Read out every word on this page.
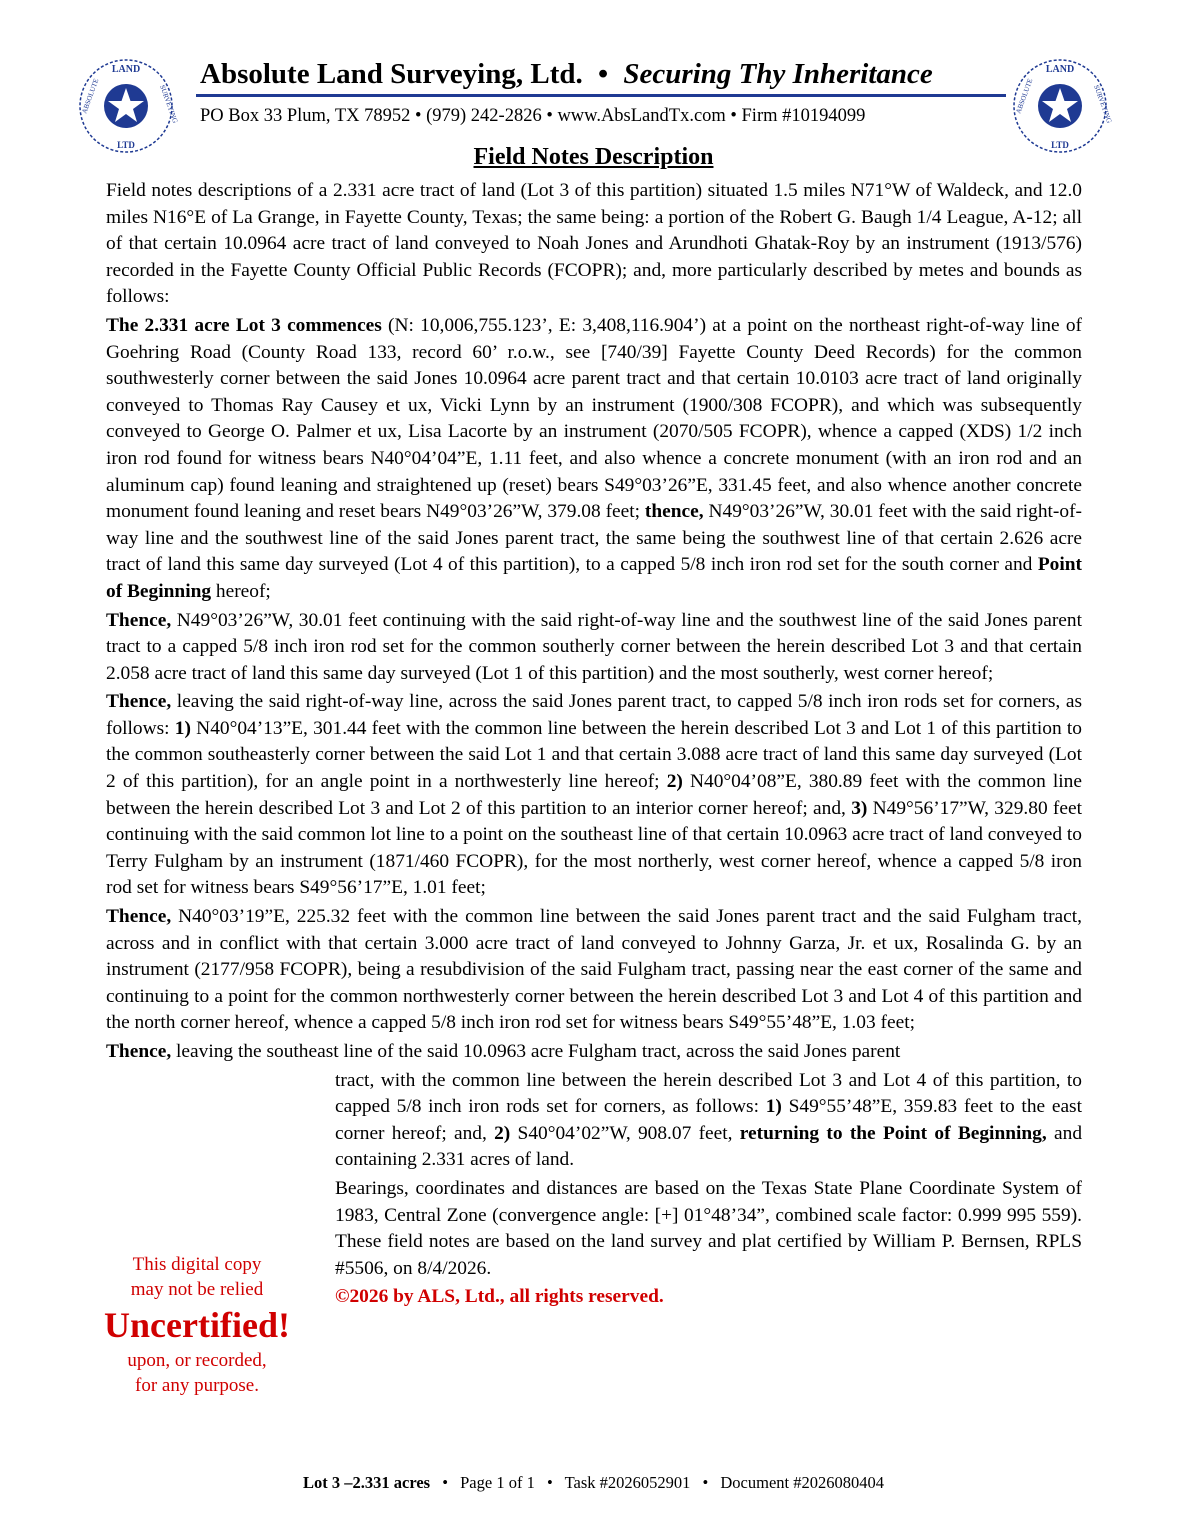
LAND
LTD
ABSOLUTE	SURVEYING
LAND
LTD
ABSOLUTE	SURVEYING
Absolute Land Surveying, Ltd. • Securing Thy Inheritance
PO Box 33 Plum, TX 78952 • (979) 242-2826 • www.AbsLandTx.com • Firm #10194099
Field Notes Description

Field notes descriptions of a 2.331 acre tract of land (Lot 3 of this partition) situated 1.5 miles N71°W of Waldeck, and 12.0 miles N16°E of La Grange, in Fayette County, Texas; the same being: a portion of the Robert G. Baugh 1/4 League, A-12; all of that certain 10.0964 acre tract of land conveyed to Noah Jones and Arundhoti Ghatak-Roy by an instrument (1913/576) recorded in the Fayette County Official Public Records (FCOPR); and, more particularly described by metes and bounds as follows:

The 2.331 acre Lot 3 commences (N: 10,006,755.123’, E: 3,408,116.904’) at a point on the northeast right-of-way line of Goehring Road (County Road 133, record 60’ r.o.w., see [740/39] Fayette County Deed Records) for the common southwesterly corner between the said Jones 10.0964 acre parent tract and that certain 10.0103 acre tract of land originally conveyed to Thomas Ray Causey et ux, Vicki Lynn by an instrument (1900/308 FCOPR), and which was subsequently conveyed to George O. Palmer et ux, Lisa Lacorte by an instrument (2070/505 FCOPR), whence a capped (XDS) 1/2 inch iron rod found for witness bears N40°04’04”E, 1.11 feet, and also whence a concrete monument (with an iron rod and an aluminum cap) found leaning and straightened up (reset) bears S49°03’26”E, 331.45 feet, and also whence another concrete monument found leaning and reset bears N49°03’26”W, 379.08 feet; thence, N49°03’26”W, 30.01 feet with the said right-of-way line and the southwest line of the said Jones parent tract, the same being the southwest line of that certain 2.626 acre tract of land this same day surveyed (Lot 4 of this partition), to a capped 5/8 inch iron rod set for the south corner and Point of Beginning hereof;

Thence, N49°03’26”W, 30.01 feet continuing with the said right-of-way line and the southwest line of the said Jones parent tract to a capped 5/8 inch iron rod set for the common southerly corner between the herein described Lot 3 and that certain 2.058 acre tract of land this same day surveyed (Lot 1 of this partition) and the most southerly, west corner hereof;

Thence, leaving the said right-of-way line, across the said Jones parent tract, to capped 5/8 inch iron rods set for corners, as follows: 1) N40°04’13”E, 301.44 feet with the common line between the herein described Lot 3 and Lot 1 of this partition to the common southeasterly corner between the said Lot 1 and that certain 3.088 acre tract of land this same day surveyed (Lot 2 of this partition), for an angle point in a northwesterly line hereof; 2) N40°04’08”E, 380.89 feet with the common line between the herein described Lot 3 and Lot 2 of this partition to an interior corner hereof; and, 3) N49°56’17”W, 329.80 feet continuing with the said common lot line to a point on the southeast line of that certain 10.0963 acre tract of land conveyed to Terry Fulgham by an instrument (1871/460 FCOPR), for the most northerly, west corner hereof, whence a capped 5/8 iron rod set for witness bears S49°56’17”E, 1.01 feet;

Thence, N40°03’19”E, 225.32 feet with the common line between the said Jones parent tract and the said Fulgham tract, across and in conflict with that certain 3.000 acre tract of land conveyed to Johnny Garza, Jr. et ux, Rosalinda G. by an instrument (2177/958 FCOPR), being a resubdivision of the said Fulgham tract, passing near the east corner of the same and continuing to a point for the common northwesterly corner between the herein described Lot 3 and Lot 4 of this partition and the north corner hereof, whence a capped 5/8 inch iron rod set for witness bears S49°55’48”E, 1.03 feet;

Thence, leaving the southeast line of the said 10.0963 acre Fulgham tract, across the said Jones parent

tract, with the common line between the herein described Lot 3 and Lot 4 of this partition, to capped 5/8 inch iron rods set for corners, as follows: 1) S49°55’48”E, 359.83 feet to the east corner hereof; and, 2) S40°04’02”W, 908.07 feet, returning to the Point of Beginning, and containing 2.331 acres of land.

Bearings, coordinates and distances are based on the Texas State Plane Coordinate System of 1983, Central Zone (convergence angle: [+] 01°48’34”, combined scale factor: 0.999 995 559). These field notes are based on the land survey and plat certified by William P. Bernsen, RPLS #5506, on 8/4/2026.

©2026 by ALS, Ltd., all rights reserved.

This digital copy
may not be relied
Uncertified!
upon, or recorded,
for any purpose.
Lot 3 –2.331 acres • Page 1 of 1 • Task #2026052901 • Document #2026080404
